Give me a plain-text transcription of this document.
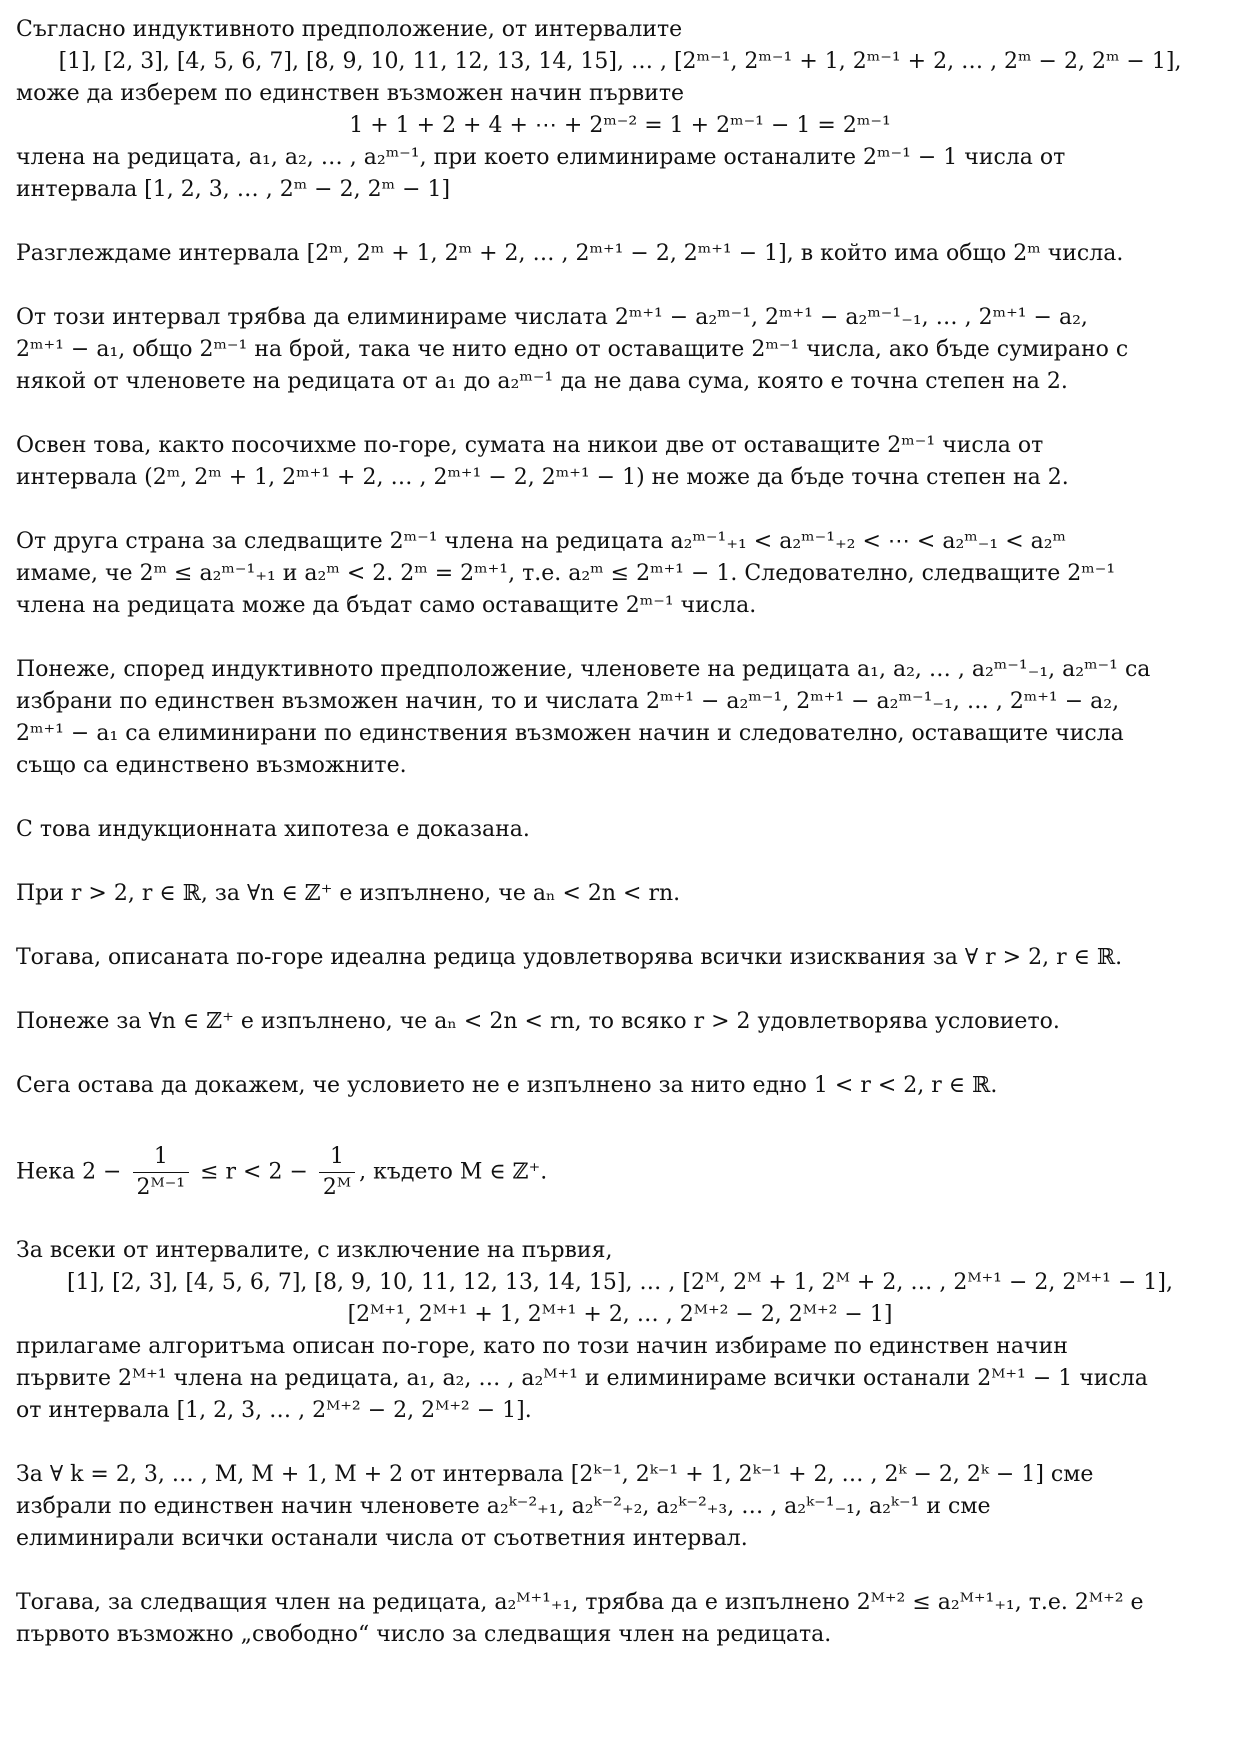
Съгласно индуктивното предположение, от интервалите

[1], [2, 3], [4, 5, 6, 7], [8, 9, 10, 11, 12, 13, 14, 15], … , [2ᵐ⁻¹, 2ᵐ⁻¹ + 1, 2ᵐ⁻¹ + 2, … , 2ᵐ − 2, 2ᵐ − 1],

може да изберем по единствен възможен начин първите

1 + 1 + 2 + 4 + ⋯ + 2ᵐ⁻² = 1 + 2ᵐ⁻¹ − 1 = 2ᵐ⁻¹

члена на редицата, a₁, a₂, … , a₂ᵐ⁻¹, при което елиминираме останалите 2ᵐ⁻¹ − 1 числа от

интервала [1, 2, 3, … , 2ᵐ − 2, 2ᵐ − 1]

Разглеждаме интервала [2ᵐ, 2ᵐ + 1, 2ᵐ + 2, … , 2ᵐ⁺¹ − 2, 2ᵐ⁺¹ − 1], в който има общо 2ᵐ числа.

От този интервал трябва да елиминираме числата 2ᵐ⁺¹ − a₂ᵐ⁻¹, 2ᵐ⁺¹ − a₂ᵐ⁻¹₋₁, … , 2ᵐ⁺¹ − a₂,

2ᵐ⁺¹ − a₁, общо 2ᵐ⁻¹ на брой, така че нито едно от оставащите 2ᵐ⁻¹ числа, ако бъде сумирано с

някой от членовете на редицата от a₁ до a₂ᵐ⁻¹ да не дава сума, която е точна степен на 2.

Освен това, както посочихме по-горе, сумата на никои две от оставащите 2ᵐ⁻¹ числа от

интервала (2ᵐ, 2ᵐ + 1, 2ᵐ⁺¹ + 2, … , 2ᵐ⁺¹ − 2, 2ᵐ⁺¹ − 1) не може да бъде точна степен на 2.

От друга страна за следващите 2ᵐ⁻¹ члена на редицата a₂ᵐ⁻¹₊₁ < a₂ᵐ⁻¹₊₂ < ⋯ < a₂ᵐ₋₁ < a₂ᵐ

имаме, че 2ᵐ ≤ a₂ᵐ⁻¹₊₁ и a₂ᵐ < 2. 2ᵐ = 2ᵐ⁺¹, т.е. a₂ᵐ ≤ 2ᵐ⁺¹ − 1. Следователно, следващите 2ᵐ⁻¹

члена на редицата може да бъдат само оставащите 2ᵐ⁻¹ числа.

Понеже, според индуктивното предположение, членовете на редицата a₁, a₂, … , a₂ᵐ⁻¹₋₁, a₂ᵐ⁻¹ са

избрани по единствен възможен начин, то и числата 2ᵐ⁺¹ − a₂ᵐ⁻¹, 2ᵐ⁺¹ − a₂ᵐ⁻¹₋₁, … , 2ᵐ⁺¹ − a₂,

2ᵐ⁺¹ − a₁ са елиминирани по единствения възможен начин и следователно, оставащите числа

също са единствено възможните.

С това индукционната хипотеза е доказана.

При r > 2, r ∈ ℝ, за ∀n ∈ ℤ⁺ е изпълнено, че aₙ < 2n < rn.

Тогава, описаната по-горе идеална редица удовлетворява всички изисквания за ∀ r > 2, r ∈ ℝ.

Понеже за ∀n ∈ ℤ⁺ е изпълнено, че aₙ < 2n < rn, то всяко r > 2 удовлетворява условието.

Сега остава да докажем, че условието не е изпълнено за нито едно 1 < r < 2, r ∈ ℝ.

Нека $2 - \frac{1}{\text{2ᴹ⁻¹}} \le r < 2 - \frac{1}{\text{2ᴹ}}$ , където M ∈ ℤ⁺.

За всеки от интервалите, с изключение на първия,

[1], [2, 3], [4, 5, 6, 7], [8, 9, 10, 11, 12, 13, 14, 15], … , [2ᴹ, 2ᴹ + 1, 2ᴹ + 2, … , 2ᴹ⁺¹ − 2, 2ᴹ⁺¹ − 1],

[2ᴹ⁺¹, 2ᴹ⁺¹ + 1, 2ᴹ⁺¹ + 2, … , 2ᴹ⁺² − 2, 2ᴹ⁺² − 1]

прилагаме алгоритъма описан по-горе, като по този начин избираме по единствен начин

първите 2ᴹ⁺¹ члена на редицата, a₁, a₂, … , a₂ᴹ⁺¹ и елиминираме всички останали 2ᴹ⁺¹ − 1 числа

от интервала [1, 2, 3, … , 2ᴹ⁺² − 2, 2ᴹ⁺² − 1].

За ∀ k = 2, 3, … , M, M + 1, M + 2 от интервала [2ᵏ⁻¹, 2ᵏ⁻¹ + 1, 2ᵏ⁻¹ + 2, … , 2ᵏ − 2, 2ᵏ − 1] сме

избрали по единствен начин членовете a₂ᵏ⁻²₊₁, a₂ᵏ⁻²₊₂, a₂ᵏ⁻²₊₃, … , a₂ᵏ⁻¹₋₁, a₂ᵏ⁻¹ и сме

елиминирали всички останали числа от съответния интервал.

Тогава, за следващия член на редицата, a₂ᴹ⁺¹₊₁, трябва да е изпълнено 2ᴹ⁺² ≤ a₂ᴹ⁺¹₊₁, т.е. 2ᴹ⁺² е

първото възможно „свободно“ число за следващия член на редицата.
